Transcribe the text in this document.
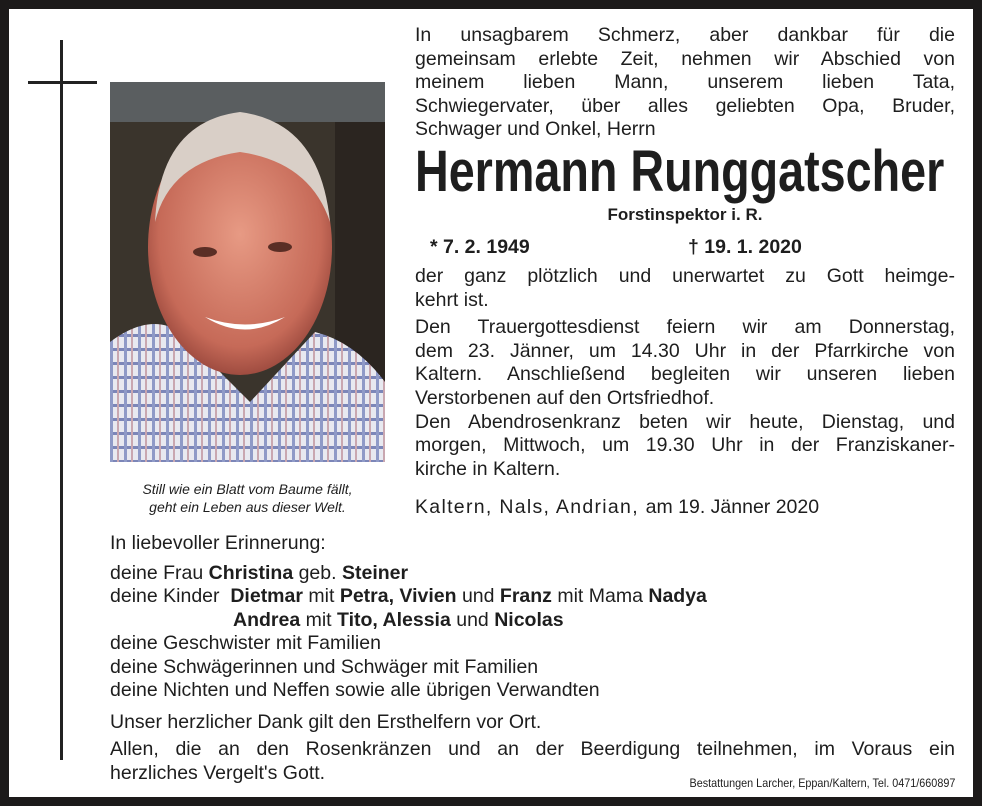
Still wie ein Blatt vom Baume fällt,
geht ein Leben aus dieser Welt.
In unsagbarem Schmerz, aber dankbar für die
gemeinsam erlebte Zeit, nehmen wir Abschied von
meinem lieben Mann, unserem lieben Tata,
Schwiegervater, über alles geliebten Opa, Bruder,
Schwager und Onkel, Herrn
Hermann Runggatscher
Forstinspektor i. R.
* 7. 2. 1949	† 19. 1. 2020
der ganz plötzlich und unerwartet zu Gott heimge-
kehrt ist.
Den Trauergottesdienst feiern wir am Donnerstag,
dem 23. Jänner, um 14.30 Uhr in der Pfarrkirche von
Kaltern. Anschließend begleiten wir unseren lieben
Verstorbenen auf den Ortsfriedhof.
Den Abendrosenkranz beten wir heute, Dienstag, und
morgen, Mittwoch, um 19.30 Uhr in der Franziskaner-
kirche in Kaltern.
Kaltern, Nals, Andrian, am 19. Jänner 2020
In liebevoller Erinnerung:
deine Frau Christina geb. Steiner
deine Kinder  Dietmar mit Petra, Vivien und Franz mit Mama Nadya
Andrea mit Tito, Alessia und Nicolas
deine Geschwister mit Familien
deine Schwägerinnen und Schwäger mit Familien
deine Nichten und Neffen sowie alle übrigen Verwandten
Unser herzlicher Dank gilt den Ersthelfern vor Ort.
Allen, die an den Rosenkränzen und an der Beerdigung teilnehmen, im Voraus ein
herzliches Vergelt's Gott.	Bestattungen Larcher, Eppan/Kaltern, Tel. 0471/660897
